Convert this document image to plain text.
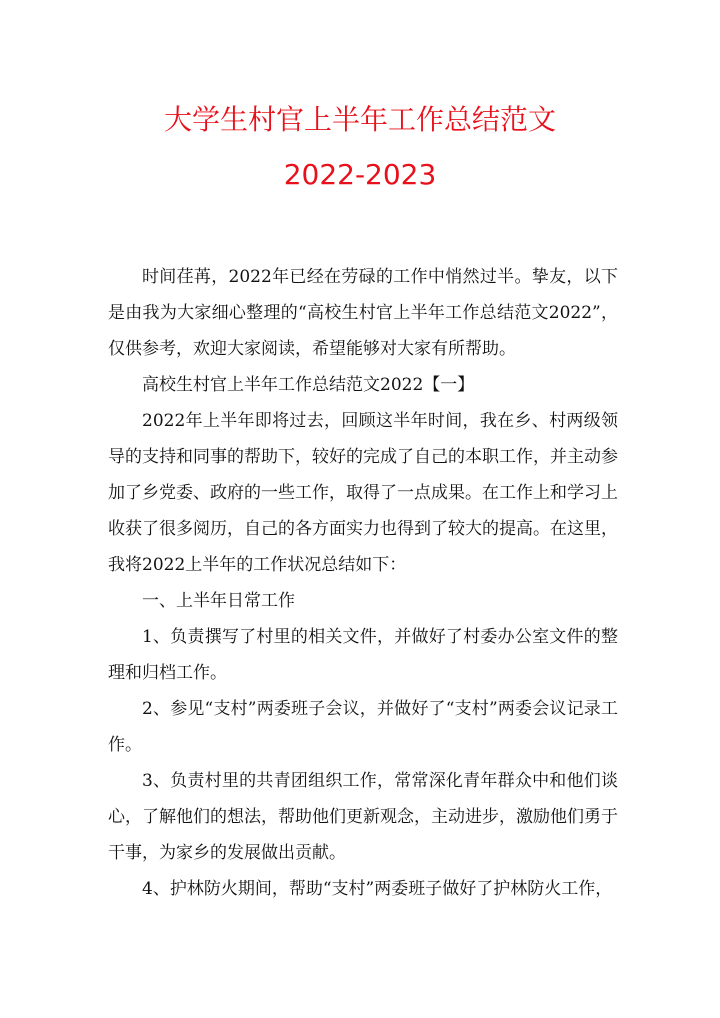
大学生村官上半年工作总结范文
2022-2023

时间荏苒，2022年已经在劳碌的工作中悄然过半。挚友，以下是由我为大家细心整理的“高校生村官上半年工作总结范文2022”，仅供参考，欢迎大家阅读，希望能够对大家有所帮助。

高校生村官上半年工作总结范文2022【一】

2022年上半年即将过去，回顾这半年时间，我在乡、村两级领导的支持和同事的帮助下，较好的完成了自己的本职工作，并主动参加了乡党委、政府的一些工作，取得了一点成果。在工作上和学习上收获了很多阅历，自己的各方面实力也得到了较大的提高。在这里，我将2022上半年的工作状况总结如下：

一、上半年日常工作

1、负责撰写了村里的相关文件，并做好了村委办公室文件的整理和归档工作。

2、参见“支村”两委班子会议，并做好了“支村”两委会议记录工作。

3、负责村里的共青团组织工作，常常深化青年群众中和他们谈心，了解他们的想法，帮助他们更新观念，主动进步，激励他们勇于干事，为家乡的发展做出贡献。

4、护林防火期间，帮助“支村”两委班子做好了护林防火工作，
